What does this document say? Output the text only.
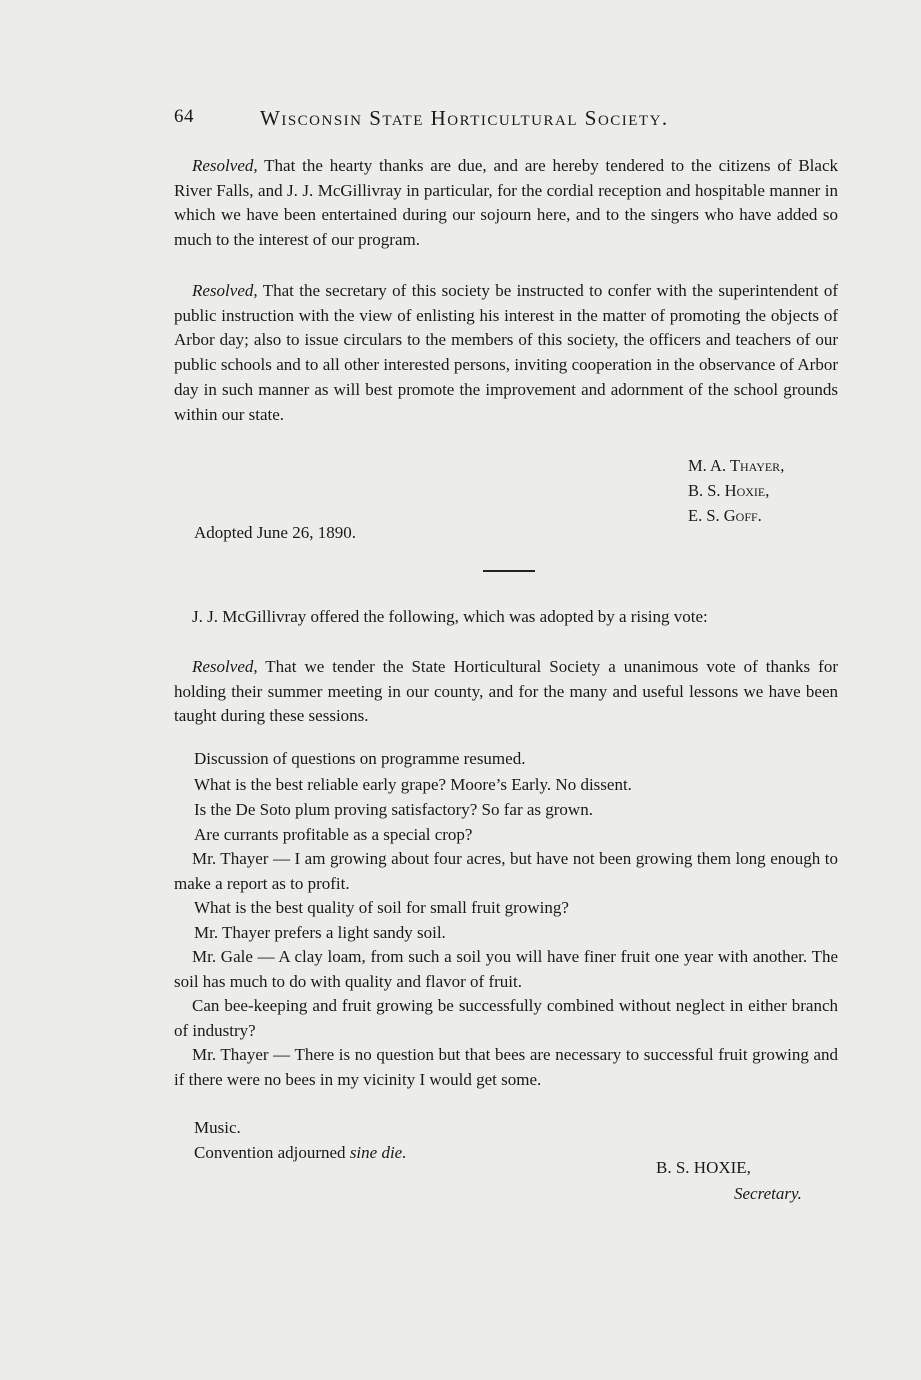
64	Wisconsin State Horticultural Society.
Resolved, That the hearty thanks are due, and are hereby tendered to the citizens of Black River Falls, and J. J. McGillivray in particular, for the cordial reception and hospitable manner in which we have been entertained during our sojourn here, and to the singers who have added so much to the interest of our program.
Resolved, That the secretary of this society be instructed to confer with the superintendent of public instruction with the view of enlisting his interest in the matter of promoting the objects of Arbor day; also to issue circulars to the members of this society, the officers and teachers of our public schools and to all other interested persons, inviting cooperation in the observance of Arbor day in such manner as will best promote the improvement and adornment of the school grounds within our state.
M. A. Thayer,
B. S. Hoxie,
E. S. Goff.
Adopted June 26, 1890.
J. J. McGillivray offered the following, which was adopted by a rising vote:
Resolved, That we tender the State Horticultural Society a unanimous vote of thanks for holding their summer meeting in our county, and for the many and useful lessons we have been taught during these sessions.
Discussion of questions on programme resumed.
What is the best reliable early grape? Moore’s Early. No dissent.
Is the De Soto plum proving satisfactory? So far as grown.
Are currants profitable as a special crop?
Mr. Thayer — I am growing about four acres, but have not been growing them long enough to make a report as to profit.
What is the best quality of soil for small fruit growing?
Mr. Thayer prefers a light sandy soil.
Mr. Gale — A clay loam, from such a soil you will have finer fruit one year with another. The soil has much to do with quality and flavor of fruit.
Can bee-keeping and fruit growing be successfully combined without neglect in either branch of industry?
Mr. Thayer — There is no question but that bees are necessary to successful fruit growing and if there were no bees in my vicinity I would get some.
Music.
Convention adjourned sine die.
B. S. HOXIE,
Secretary.
